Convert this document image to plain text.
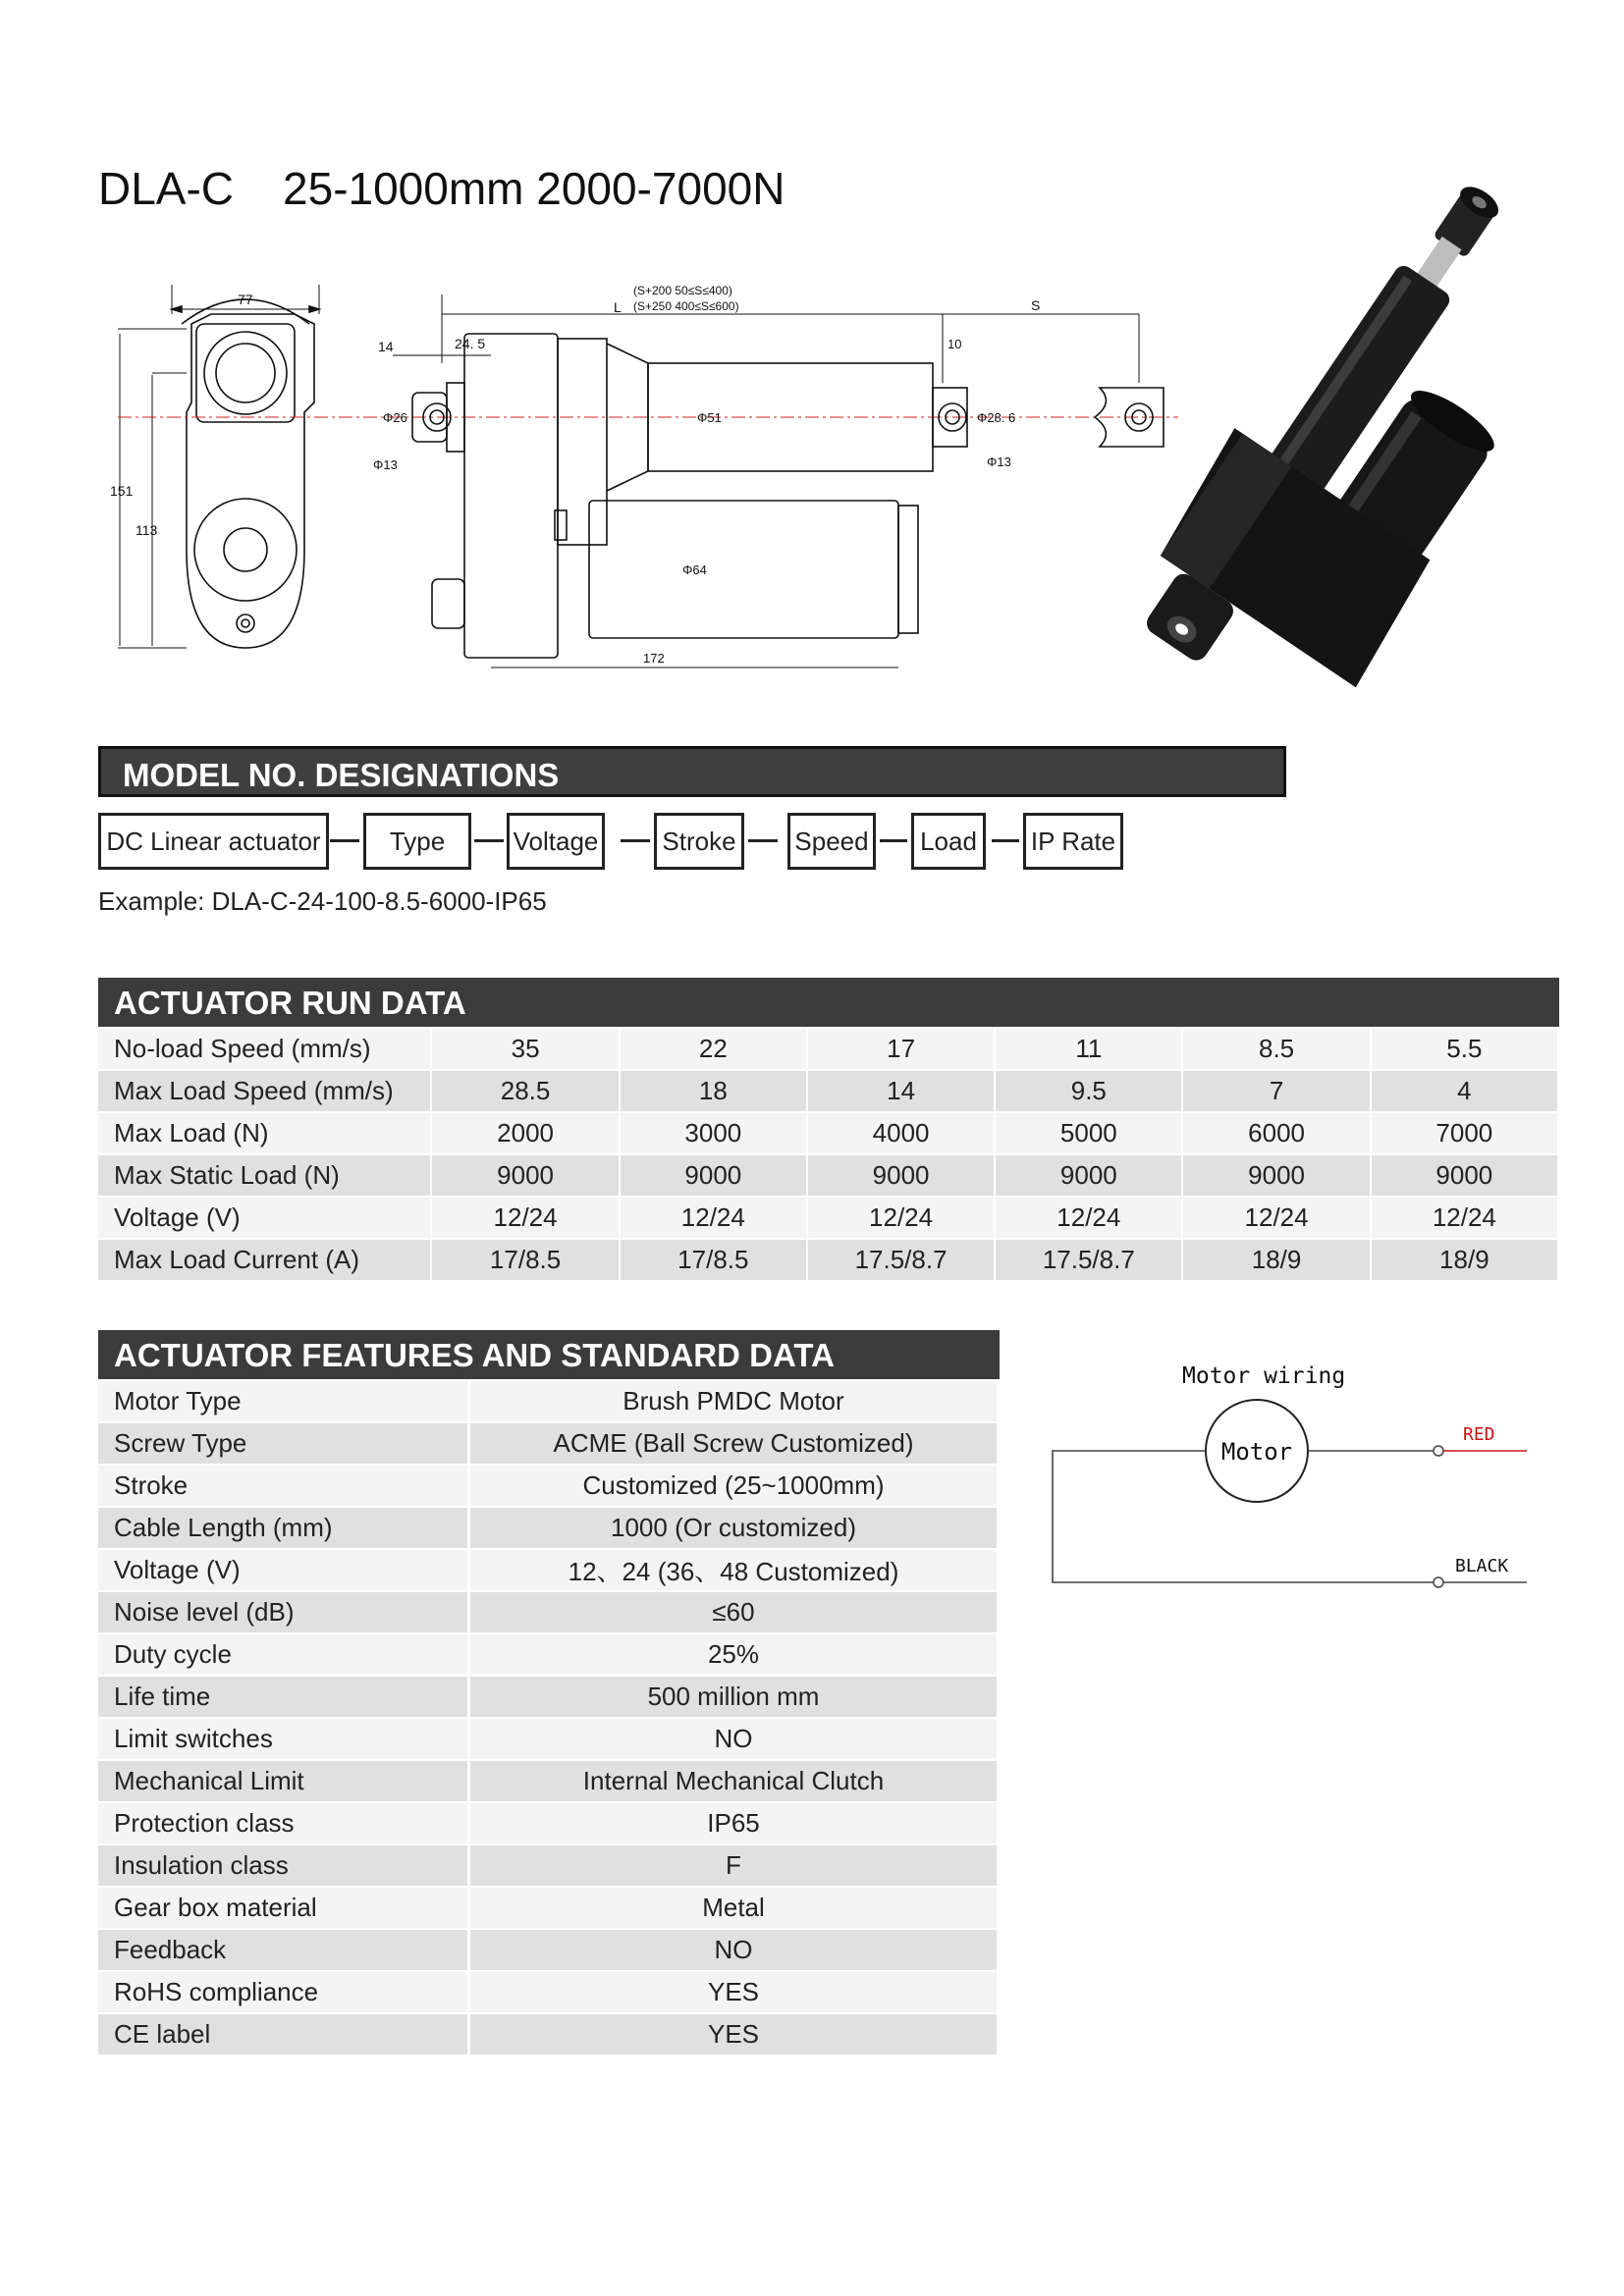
DLA-C 25-1000mm 2000-7000N
77
151
113
14	24. 5
L
(S+200 50≤S≤400)
(S+250 400≤S≤600)	S
Φ26
Φ13
Φ51
10
Φ28. 6
Φ13
Φ64
172
MODEL NO. DESIGNATIONS
DC Linear actuator	Type	Voltage	Stroke	Speed	Load	IP Rate
Example: DLA-C-24-100-8.5-6000-IP65
ACTUATOR RUN DATA
No-load Speed (mm/s)	35	22	17	11	8.5	5.5
Max Load Speed (mm/s)	28.5	18	14	9.5	7	4
Max Load (N)	2000	3000	4000	5000	6000	7000
Max Static Load (N)	9000	9000	9000	9000	9000	9000
Voltage (V)	12/24	12/24	12/24	12/24	12/24	12/24
Max Load Current (A)	17/8.5	17/8.5	17.5/8.7	17.5/8.7	18/9	18/9
ACTUATOR FEATURES AND STANDARD DATA
Motor Type	Brush PMDC Motor
Screw Type	ACME (Ball Screw Customized)
Stroke	Customized (25~1000mm)
Cable Length (mm)	1000 (Or customized)
Voltage (V)	12、24 (36、48 Customized)
Noise level (dB)	≤60
Duty cycle	25%
Life time	500 million mm
Limit switches	NO
Mechanical Limit	Internal Mechanical Clutch
Protection class	IP65
Insulation class	F
Gear box material	Metal
Feedback	NO
RoHS compliance	YES
CE label	YES
Motor wiring
Motor
RED
BLACK
